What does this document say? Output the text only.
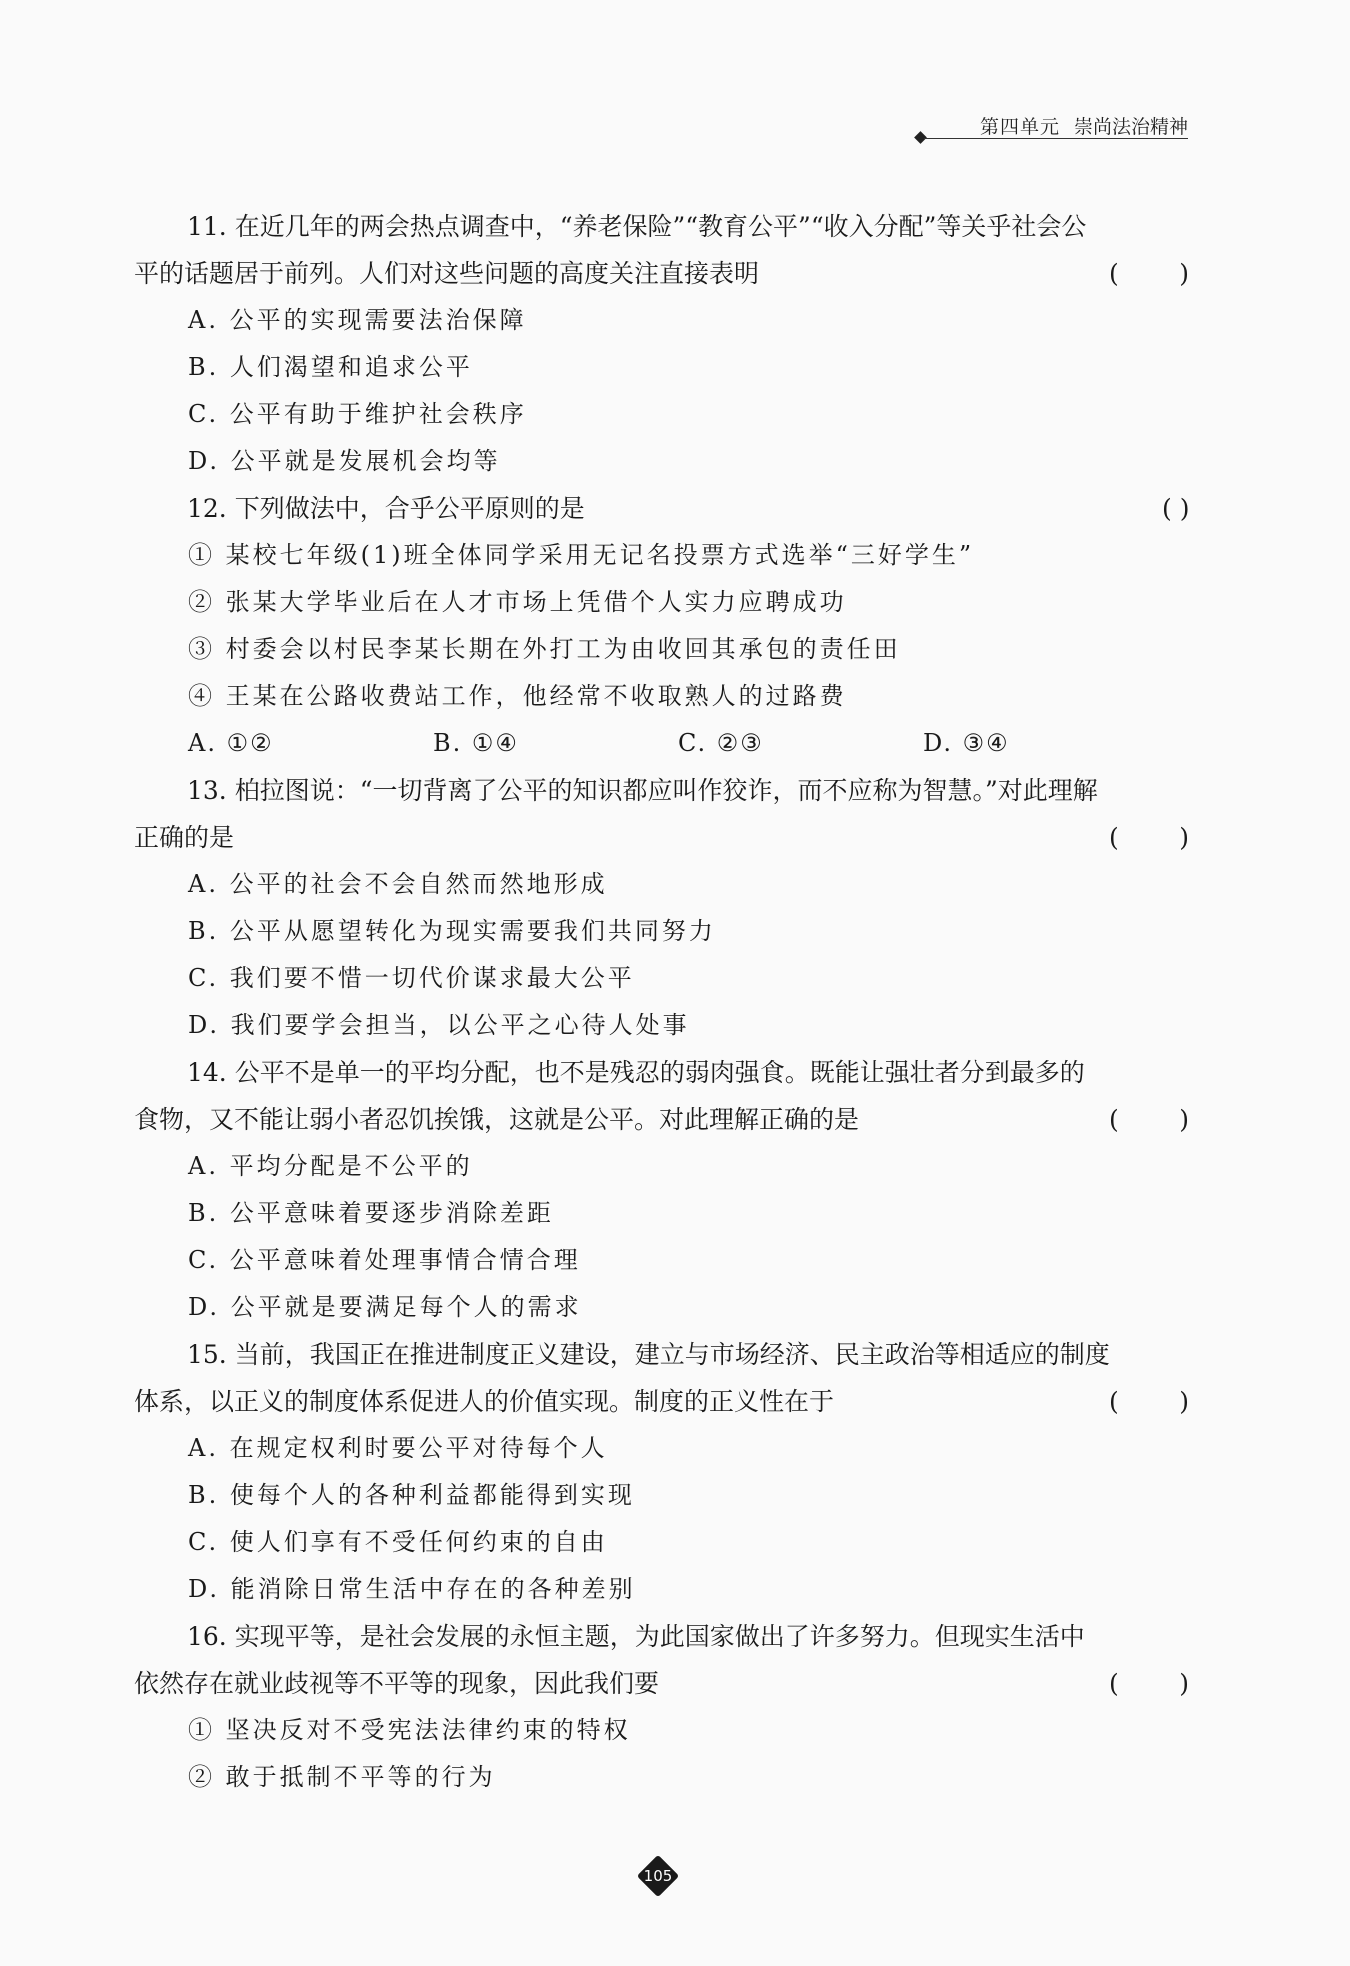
第四单元 崇尚法治精神
11. 在近几年的两会热点调查中，“养老保险”“教育公平”“收入分配”等关乎社会公
平的话题居于前列。人们对这些问题的高度关注直接表明	( )
A. 公平的实现需要法治保障
B. 人们渴望和追求公平
C. 公平有助于维护社会秩序
D. 公平就是发展机会均等
12. 下列做法中，合乎公平原则的是	( )
① 某校七年级(1)班全体同学采用无记名投票方式选举“三好学生”
② 张某大学毕业后在人才市场上凭借个人实力应聘成功
③ 村委会以村民李某长期在外打工为由收回其承包的责任田
④ 王某在公路收费站工作，他经常不收取熟人的过路费
A. ①②	B. ①④	C. ②③	D. ③④
13. 柏拉图说：“一切背离了公平的知识都应叫作狡诈，而不应称为智慧。”对此理解
正确的是	( )
A. 公平的社会不会自然而然地形成
B. 公平从愿望转化为现实需要我们共同努力
C. 我们要不惜一切代价谋求最大公平
D. 我们要学会担当，以公平之心待人处事
14. 公平不是单一的平均分配，也不是残忍的弱肉强食。既能让强壮者分到最多的
食物，又不能让弱小者忍饥挨饿，这就是公平。对此理解正确的是	( )
A. 平均分配是不公平的
B. 公平意味着要逐步消除差距
C. 公平意味着处理事情合情合理
D. 公平就是要满足每个人的需求
15. 当前，我国正在推进制度正义建设，建立与市场经济、民主政治等相适应的制度
体系，以正义的制度体系促进人的价值实现。制度的正义性在于	( )
A. 在规定权利时要公平对待每个人
B. 使每个人的各种利益都能得到实现
C. 使人们享有不受任何约束的自由
D. 能消除日常生活中存在的各种差别
16. 实现平等，是社会发展的永恒主题，为此国家做出了许多努力。但现实生活中
依然存在就业歧视等不平等的现象，因此我们要	( )
① 坚决反对不受宪法法律约束的特权
② 敢于抵制不平等的行为
105
